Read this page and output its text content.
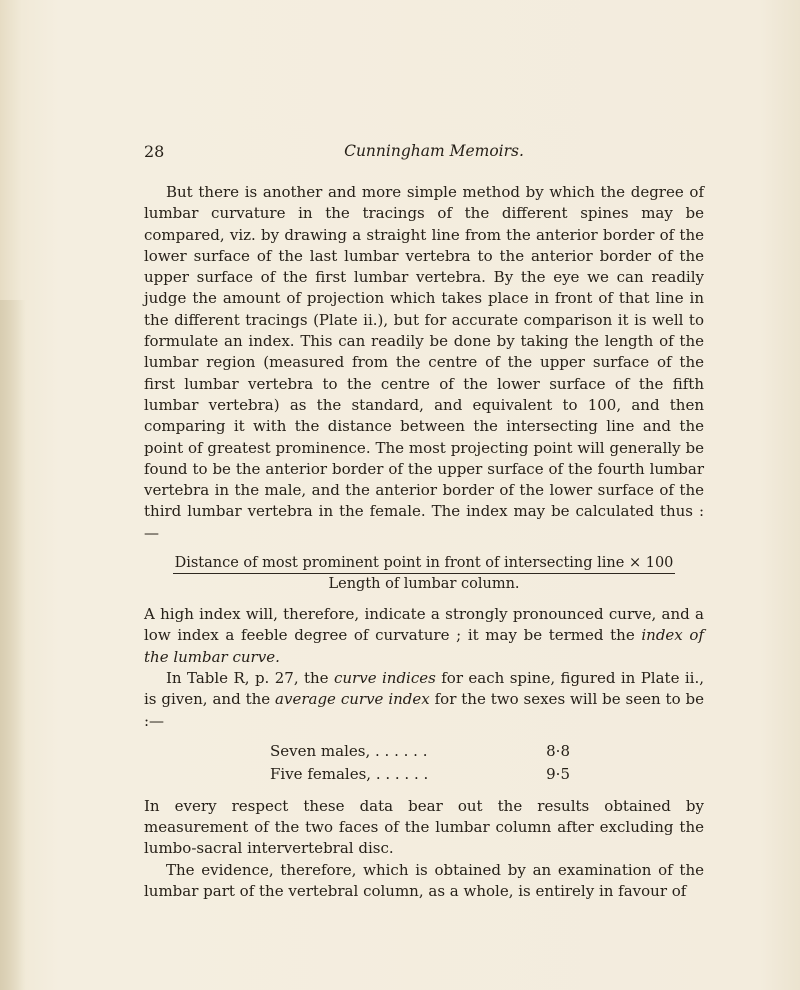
28	Cunningham Memoirs.

But there is another and more simple method by which the degree of lumbar curvature in the tracings of the different spines may be compared, viz. by drawing a straight line from the anterior border of the lower surface of the last lumbar vertebra to the anterior border of the upper surface of the first lumbar vertebra. By the eye we can readily judge the amount of projection which takes place in front of that line in the different tracings (Plate ii.), but for accurate comparison it is well to formulate an index. This can readily be done by taking the length of the lumbar region (measured from the centre of the upper surface of the first lumbar vertebra to the centre of the lower surface of the fifth lumbar vertebra) as the standard, and equivalent to 100, and then comparing it with the distance between the intersecting line and the point of greatest prominence. The most projecting point will generally be found to be the anterior border of the upper surface of the fourth lumbar vertebra in the male, and the anterior border of the lower surface of the third lumbar vertebra in the female. The index may be calculated thus :—

Distance of most prominent point in front of intersecting line × 100
Length of lumbar column.

A high index will, therefore, indicate a strongly pronounced curve, and a low index a feeble degree of curvature ; it may be termed the index of the lumbar curve.

In Table R, p. 27, the curve indices for each spine, figured in Plate ii., is given, and the average curve index for the two sexes will be seen to be :—

Seven males, . . . . . .	8·8
Five females, . . . . . .	9·5

In every respect these data bear out the results obtained by measurement of the two faces of the lumbar column after excluding the lumbo-sacral intervertebral disc.

The evidence, therefore, which is obtained by an examination of the lumbar part of the vertebral column, as a whole, is entirely in favour of
